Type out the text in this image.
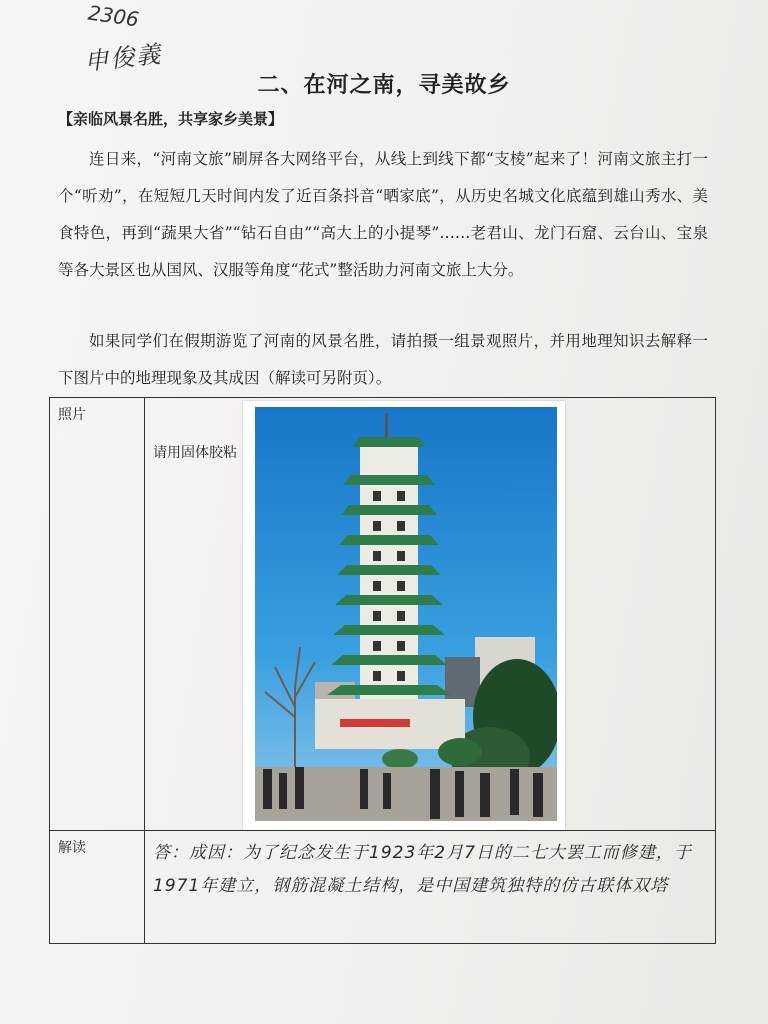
2306
申俊義
二、在河之南，寻美故乡
【亲临风景名胜，共享家乡美景】

连日来，“河南文旅”刷屏各大网络平台，从线上到线下都“支棱”起来了！河南文旅主打一个“听劝”，在短短几天时间内发了近百条抖音“晒家底”，从历史名城文化底蕴到雄山秀水、美食特色，再到“蔬果大省”“钻石自由”“高大上的小提琴”……老君山、龙门石窟、云台山、宝泉等各大景区也从国风、汉服等角度“花式”整活助力河南文旅上大分。

如果同学们在假期游览了河南的风景名胜，请拍摄一组景观照片，并用地理知识去解释一下图片中的地理现象及其成因（解读可另附页）。

照片	请用固体胶粘

解读	答：成因：为了纪念发生于1923年2月7日的二七大罢工而修建，于1971年建立，钢筋混凝土结构，是中国建筑独特的仿古联体双塔
